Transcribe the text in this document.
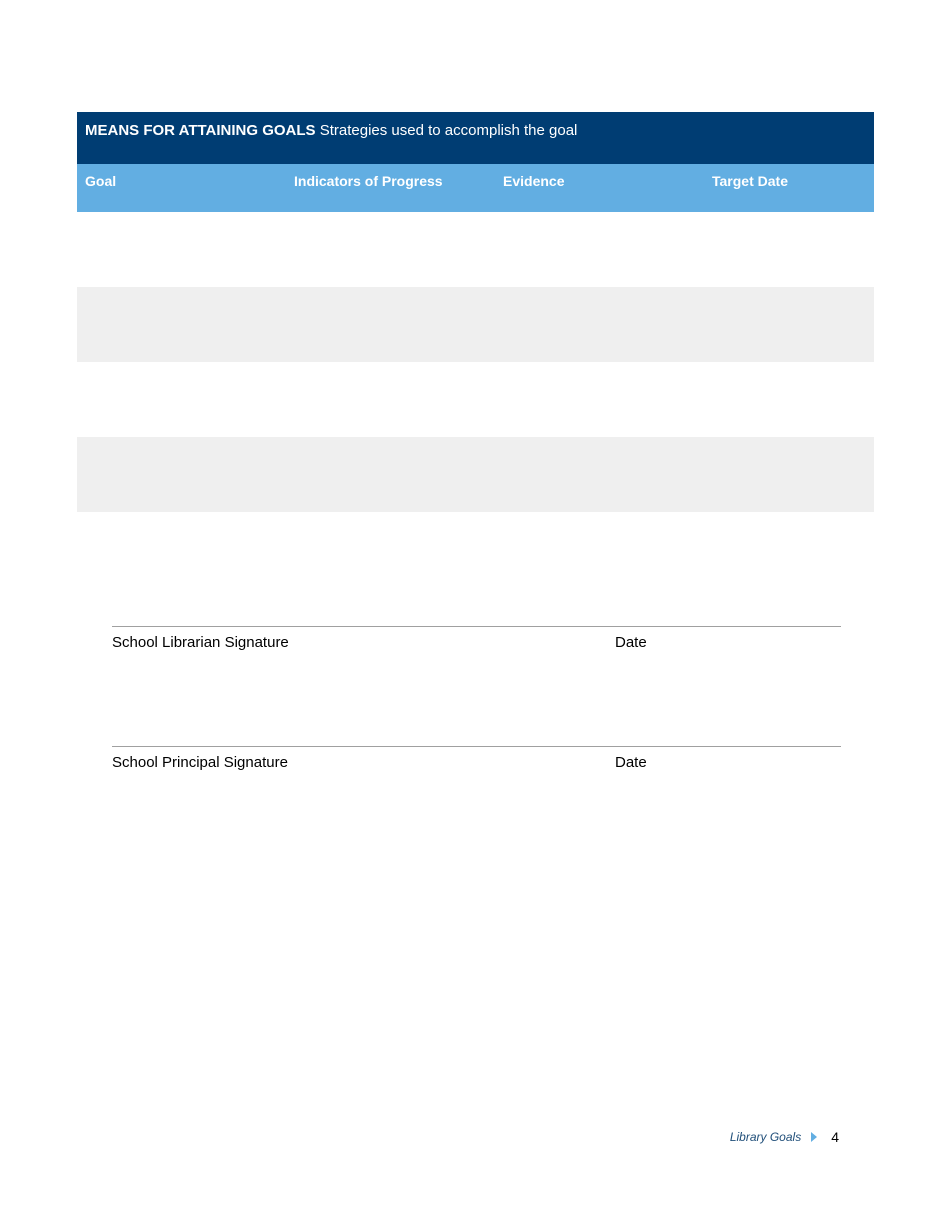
MEANS FOR ATTAINING GOALS Strategies used to accomplish the goal
Goal	Indicators of Progress	Evidence	Target Date
School Librarian Signature	Date
School Principal Signature	Date
Library Goals 4
